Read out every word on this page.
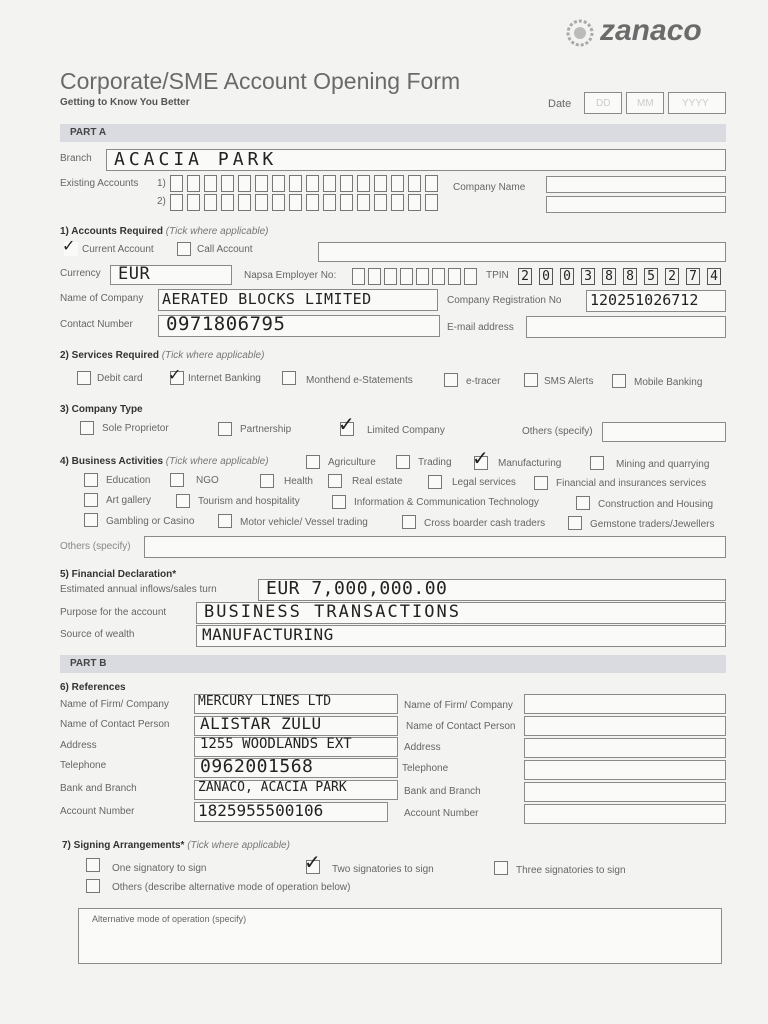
zanaco
Corporate/SME Account Opening Form
Getting to Know You Better	Date DD	MM	YYYY
PART A
Branch ACACIA PARK
Existing Accounts 1)
2)
Company Name
1) Accounts Required (Tick where applicable)
✓ Current Account	Call Account
Currency EUR	Napsa Employer No:	TPIN 2 0 0 3 8 8 5 2 7 4
Name of Company AERATED BLOCKS LIMITED	Company Registration No 120251026712
Contact Number 0971806795	E-mail address
2) Services Required (Tick where applicable)
Debit card ✓ Internet Banking	Monthend e-Statements	e-tracer	SMS Alerts	Mobile Banking
3) Company Type
Sole Proprietor	Partnership ✓ Limited Company	Others (specify)
4) Business Activities (Tick where applicable)	Agriculture	Trading ✓ Manufacturing	Mining and quarrying
Education	NGO	Health	Real estate	Legal services	Financial and insurances services
Art gallery	Tourism and hospitality	Information & Communication Technology	Construction and Housing
Gambling or Casino	Motor vehicle/ Vessel trading	Cross boarder cash traders	Gemstone traders/Jewellers
Others (specify)
5) Financial Declaration*
Estimated annual inflows/sales turn	EUR 7,000,000.00
Purpose for the account BUSINESS TRANSACTIONS
Source of wealth	MANUFACTURING
PART B
6) References
Name of Firm/ Company MERCURY LINES LTD	Name of Firm/ Company
Name of Contact Person ALISTAR ZULU	Name of Contact Person
Address	1255 WOODLANDS EXT	Address
Telephone	0962001568	Telephone
Bank and Branch	ZANACO, ACACIA PARK	Bank and Branch
Account Number	1825955500106	Account Number
7) Signing Arrangements* (Tick where applicable)
One signatory to sign	✓ Two signatories to sign	Three signatories to sign
Others (describe alternative mode of operation below)
Alternative mode of operation (specify)
